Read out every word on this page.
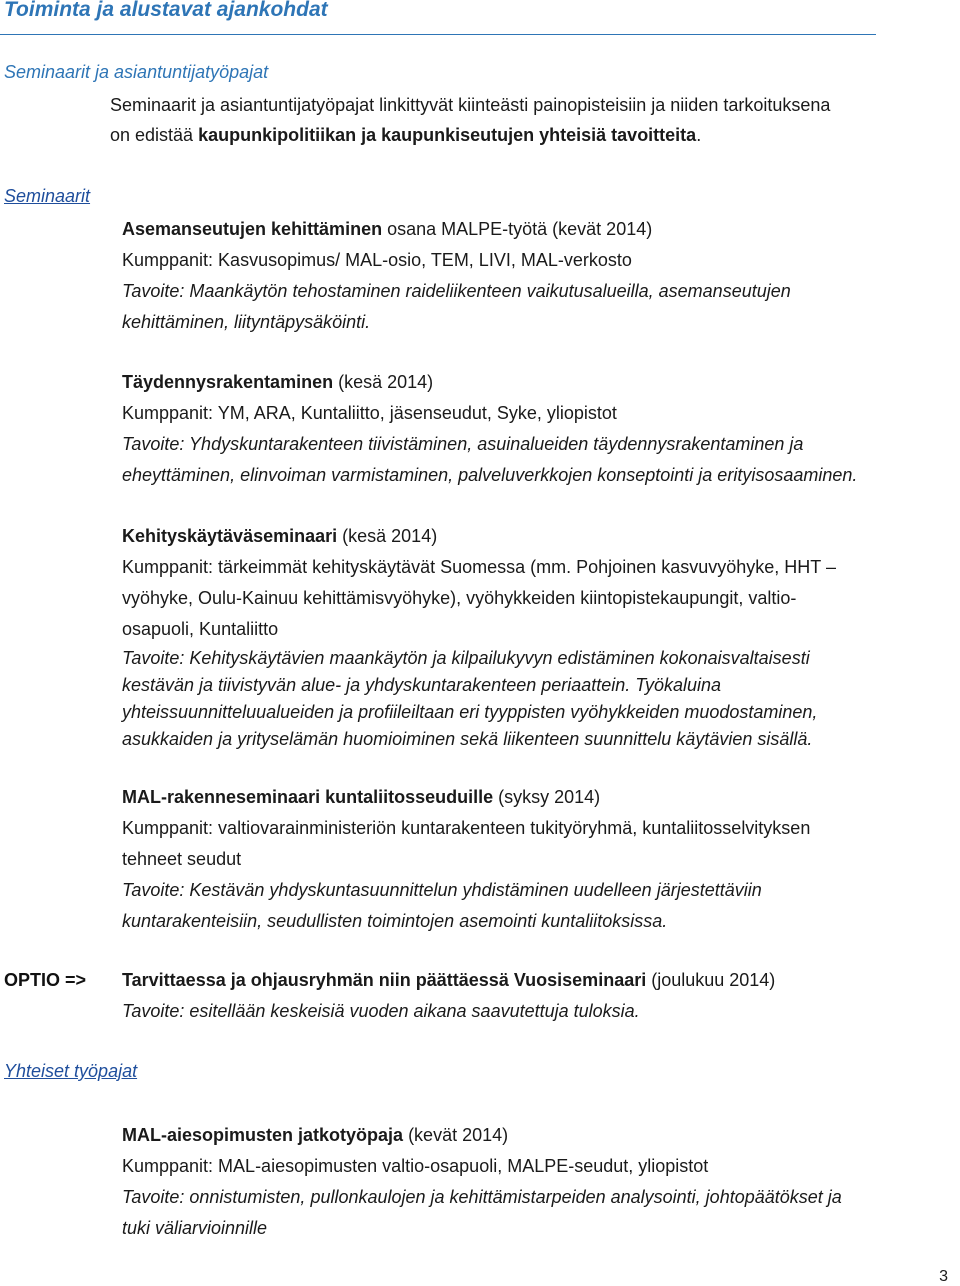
Toiminta ja alustavat ajankohdat
Seminaarit ja asiantuntijatyöpajat
Seminaarit ja asiantuntijatyöpajat linkittyvät kiinteästi painopisteisiin ja niiden tarkoituksena
on edistää kaupunkipolitiikan ja kaupunkiseutujen yhteisiä tavoitteita.
Seminaarit
Asemanseutujen kehittäminen osana MALPE-työtä (kevät 2014)
Kumppanit: Kasvusopimus/ MAL-osio, TEM, LIVI, MAL-verkosto
Tavoite: Maankäytön tehostaminen raideliikenteen vaikutusalueilla, asemanseutujen
kehittäminen, liityntäpysäköinti.
Täydennysrakentaminen (kesä 2014)
Kumppanit: YM, ARA, Kuntaliitto, jäsenseudut, Syke, yliopistot
Tavoite: Yhdyskuntarakenteen tiivistäminen, asuinalueiden täydennysrakentaminen ja
eheyttäminen, elinvoiman varmistaminen, palveluverkkojen konseptointi ja erityisosaaminen.
Kehityskäytäväseminaari (kesä 2014)
Kumppanit: tärkeimmät kehityskäytävät Suomessa (mm. Pohjoinen kasvuvyöhyke, HHT –
vyöhyke, Oulu-Kainuu kehittämisvyöhyke), vyöhykkeiden kiintopistekaupungit, valtio-
osapuoli, Kuntaliitto
Tavoite: Kehityskäytävien maankäytön ja kilpailukyvyn edistäminen kokonaisvaltaisesti
kestävän ja tiivistyvän alue- ja yhdyskuntarakenteen periaattein. Työkaluina
yhteissuunnitteluualueiden ja profiileiltaan eri tyyppisten vyöhykkeiden muodostaminen,
asukkaiden ja yrityselämän huomioiminen sekä liikenteen suunnittelu käytävien sisällä.
MAL-rakenneseminaari kuntaliitosseuduille (syksy 2014)
Kumppanit: valtiovarainministeriön kuntarakenteen tukityöryhmä, kuntaliitosselvityksen
tehneet seudut
Tavoite: Kestävän yhdyskuntasuunnittelun yhdistäminen uudelleen järjestettäviin
kuntarakenteisiin, seudullisten toimintojen asemointi kuntaliitoksissa.
OPTIO => Tarvittaessa ja ohjausryhmän niin päättäessä Vuosiseminaari (joulukuu 2014)
Tavoite: esitellään keskeisiä vuoden aikana saavutettuja tuloksia.
Yhteiset työpajat
MAL-aiesopimusten jatkotyöpaja (kevät 2014)
Kumppanit: MAL-aiesopimusten valtio-osapuoli, MALPE-seudut, yliopistot
Tavoite: onnistumisten, pullonkaulojen ja kehittämistarpeiden analysointi, johtopäätökset ja
tuki väliarvioinnille
3
